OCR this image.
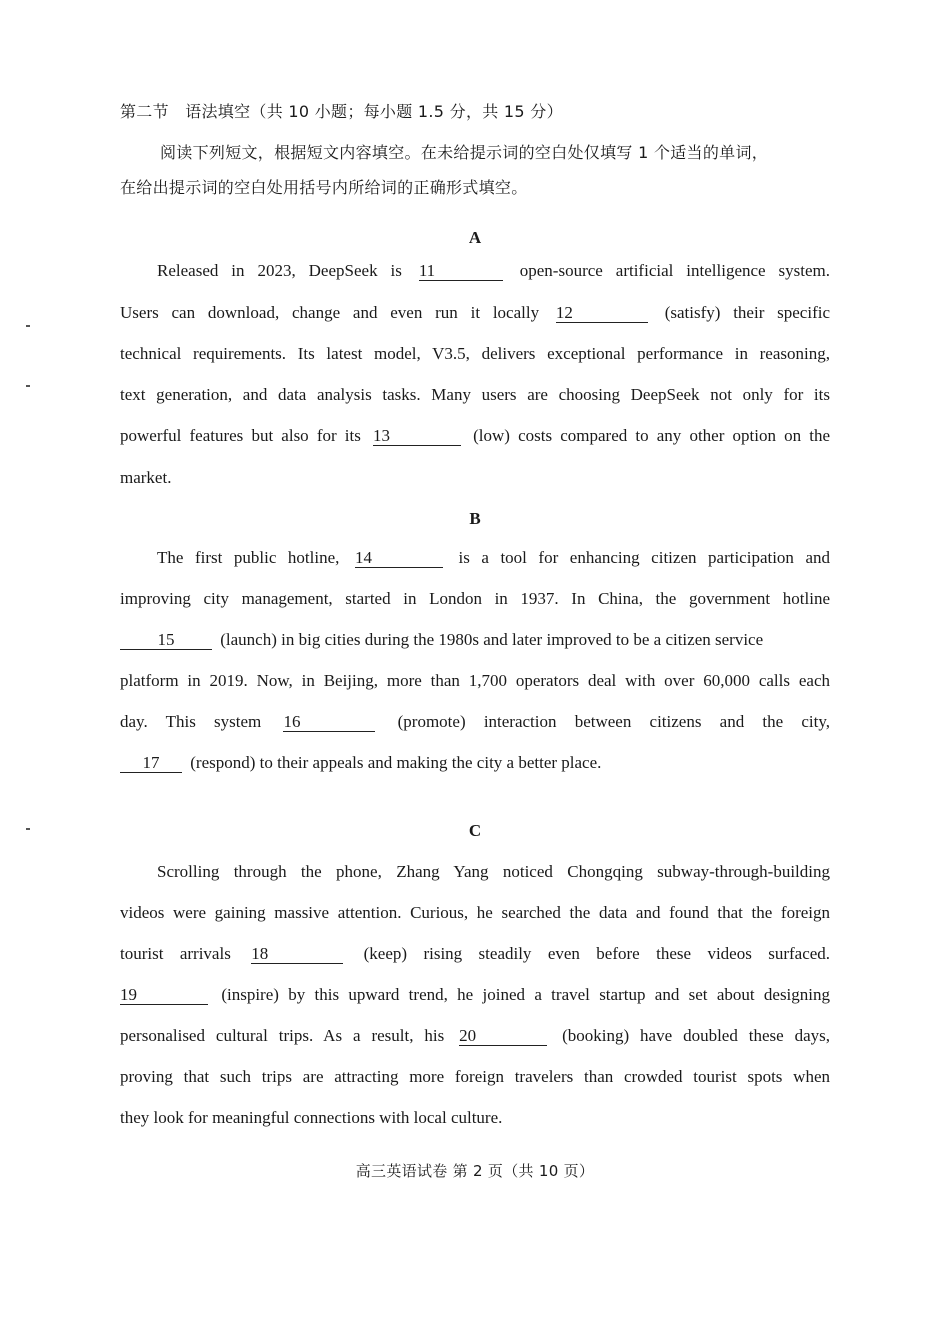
第二节　语法填空（共 10 小题；每小题 1.5 分，共 15 分）
阅读下列短文，根据短文内容填空。在未给提示词的空白处仅填写 1 个适当的单词，
在给出提示词的空白处用括号内所给词的正确形式填空。
A
Released in 2023, DeepSeek is 11	open-source artificial intelligence system.
Users can download, change and even run it locally 12	(satisfy) their specific
technical requirements. Its latest model, V3.5, delivers exceptional performance in reasoning,
text generation, and data analysis tasks. Many users are choosing DeepSeek not only for its
powerful features but also for its 13	(low) costs compared to any other option on the
market.
B
The first public hotline, 14	is a tool for enhancing citizen participation and
improving city management, started in London in 1937. In China, the government hotline
15	(launch) in big cities during the 1980s and later improved to be a citizen service
platform in 2019. Now, in Beijing, more than 1,700 operators deal with over 60,000 calls each
day. This system 16	(promote) interaction between citizens and the city,
17 (respond) to their appeals and making the city a better place.
C
Scrolling through the phone, Zhang Yang noticed Chongqing subway-through-building
videos were gaining massive attention. Curious, he searched the data and found that the foreign
tourist arrivals 18	(keep) rising steadily even before these videos surfaced.
19	(inspire) by this upward trend, he joined a travel startup and set about designing
personalised cultural trips. As a result, his 20	(booking) have doubled these days,
proving that such trips are attracting more foreign travelers than crowded tourist spots when
they look for meaningful connections with local culture.
高三英语试卷 第 2 页（共 10 页）
